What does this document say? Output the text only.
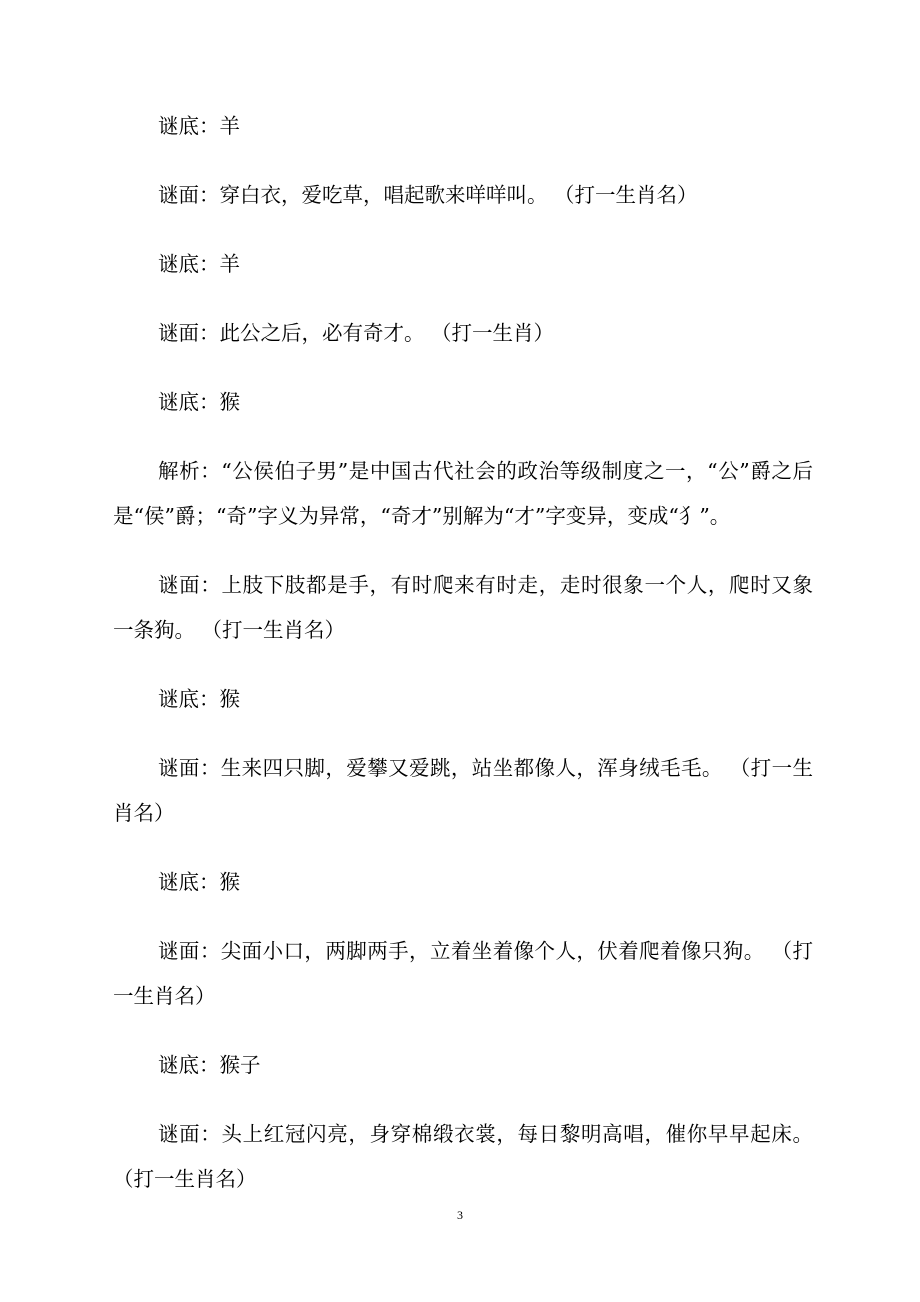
谜底：羊

谜面：穿白衣，爱吃草，唱起歌来咩咩叫。 （打一生肖名）

谜底：羊

谜面：此公之后，必有奇才。 （打一生肖）

谜底：猴

解析：“公侯伯子男”是中国古代社会的政治等级制度之一，“公”爵之后是“侯”爵；“奇”字义为异常，“奇才”别解为“才”字变异，变成“犭”。

谜面：上肢下肢都是手，有时爬来有时走，走时很象一个人，爬时又象一条狗。 （打一生肖名）

谜底：猴

谜面：生来四只脚，爱攀又爱跳，站坐都像人，浑身绒毛毛。 （打一生肖名）

谜底：猴

谜面：尖面小口，两脚两手，立着坐着像个人，伏着爬着像只狗。 （打一生肖名）

谜底：猴子

谜面：头上红冠闪亮，身穿棉缎衣裳，每日黎明高唱，催你早早起床。 （打一生肖名）

3
